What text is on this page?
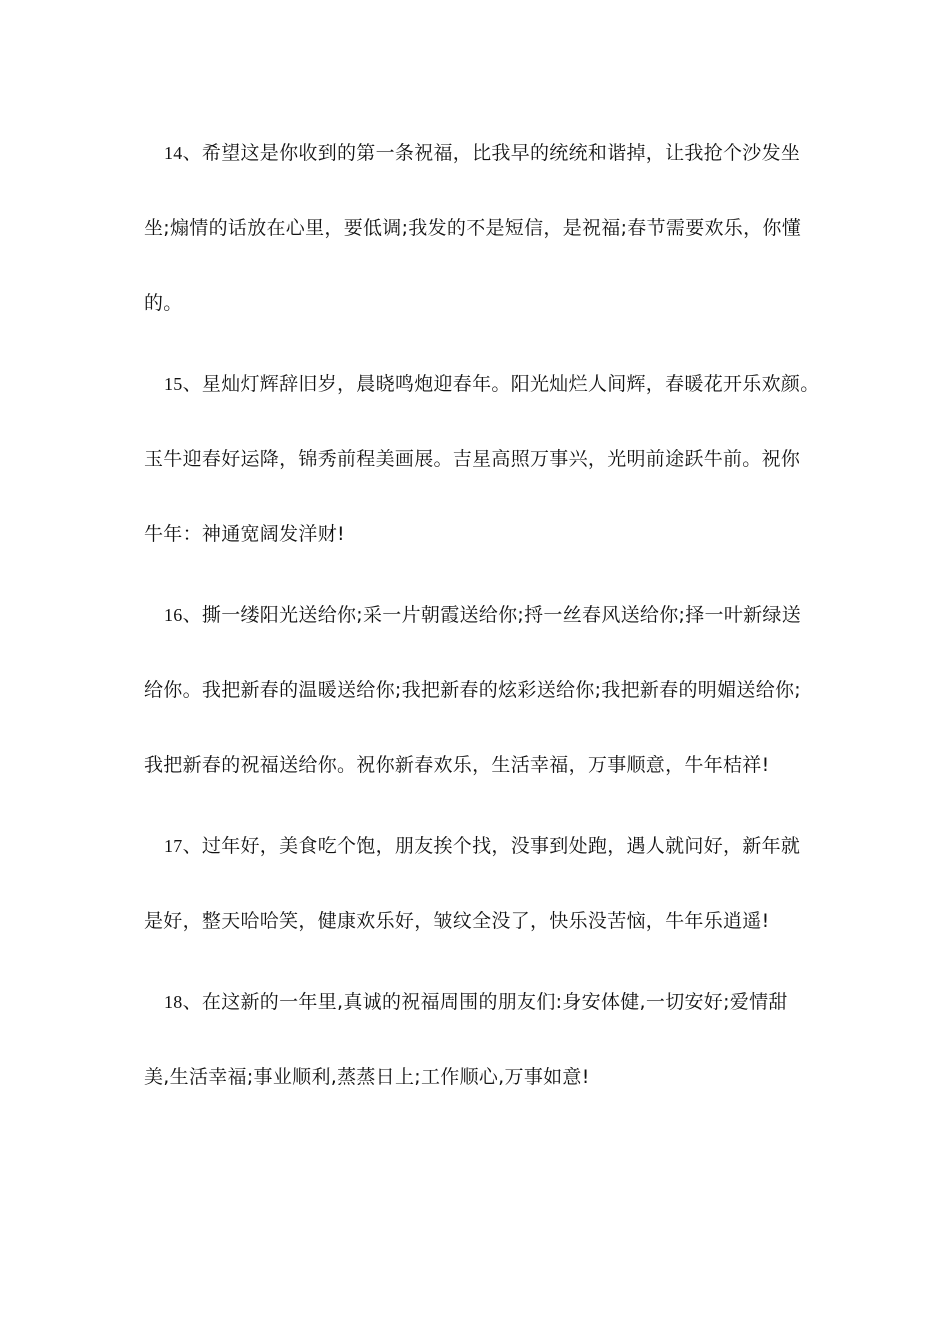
14、希望这是你收到的第一条祝福，比我早的统统和谐掉，让我抢个沙发坐
坐;煽情的话放在心里，要低调;我发的不是短信，是祝福;春节需要欢乐，你懂
的。
15、星灿灯辉辞旧岁，晨晓鸣炮迎春年。阳光灿烂人间辉，春暖花开乐欢颜。
玉牛迎春好运降，锦秀前程美画展。吉星高照万事兴，光明前途跃牛前。祝你
牛年：神通宽阔发洋财!
16、撕一缕阳光送给你;采一片朝霞送给你;捋一丝春风送给你;择一叶新绿送
给你。我把新春的温暖送给你;我把新春的炫彩送给你;我把新春的明媚送给你;
我把新春的祝福送给你。祝你新春欢乐，生活幸福，万事顺意，牛年桔祥!
17、过年好，美食吃个饱，朋友挨个找，没事到处跑，遇人就问好，新年就
是好，整天哈哈笑，健康欢乐好，皱纹全没了，快乐没苦恼，牛年乐逍遥!
18、在这新的一年里,真诚的祝福周围的朋友们:身安体健,一切安好;爱情甜
美,生活幸福;事业顺利,蒸蒸日上;工作顺心,万事如意!
